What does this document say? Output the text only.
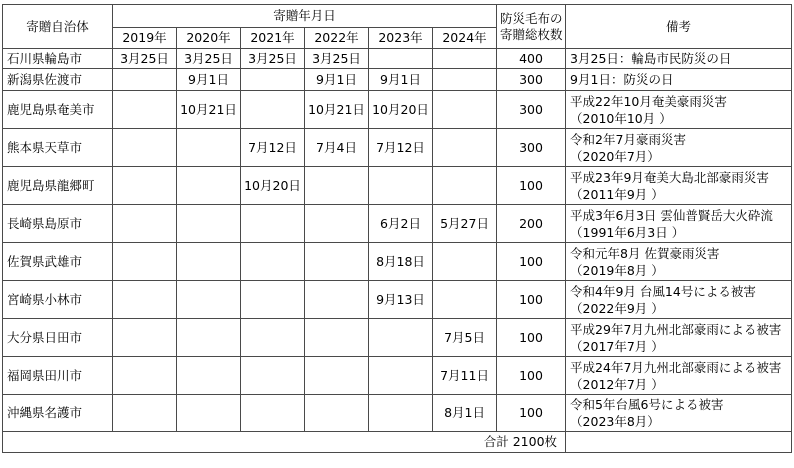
寄贈自治体	寄贈年月日						防災毛布の
寄贈総枚数	備考
	2019年	2020年	2021年	2022年	2023年	2024年		
石川県輪島市	3月25日	3月25日	3月25日	3月25日			400	3月25日：輪島市民防災の日

新潟県佐渡市		9月1日		9月1日	9月1日		300	9月1日：防災の日

鹿児島県奄美市		10月21日		10月21日	10月20日		300	平成22年10月奄美豪雨災害
（2010年10月 ）

熊本県天草市			7月12日	7月4日	7月12日		300	令和2年7月豪雨災害
（2020年7月）

鹿児島県龍郷町			10月20日				100	平成23年9月奄美大島北部豪雨災害
（2011年9月 ）

長崎県島原市					6月2日	5月27日	200	平成3年6月3日 雲仙普賢岳大火砕流
（1991年6月3日 ）

佐賀県武雄市					8月18日		100	令和元年8月 佐賀豪雨災害
（2019年8月 ）

宮崎県小林市					9月13日		100	令和4年9月 台風14号による被害
（2022年9月 ）

大分県日田市						7月5日	100	平成29年7月九州北部豪雨による被害
（2017年7月 ）

福岡県田川市						7月11日	100	平成24年7月九州北部豪雨による被害
（2012年7月 ）

沖縄県名護市						8月1日	100	令和5年台風6号による被害
（2023年8月）

合計 2100枚								
